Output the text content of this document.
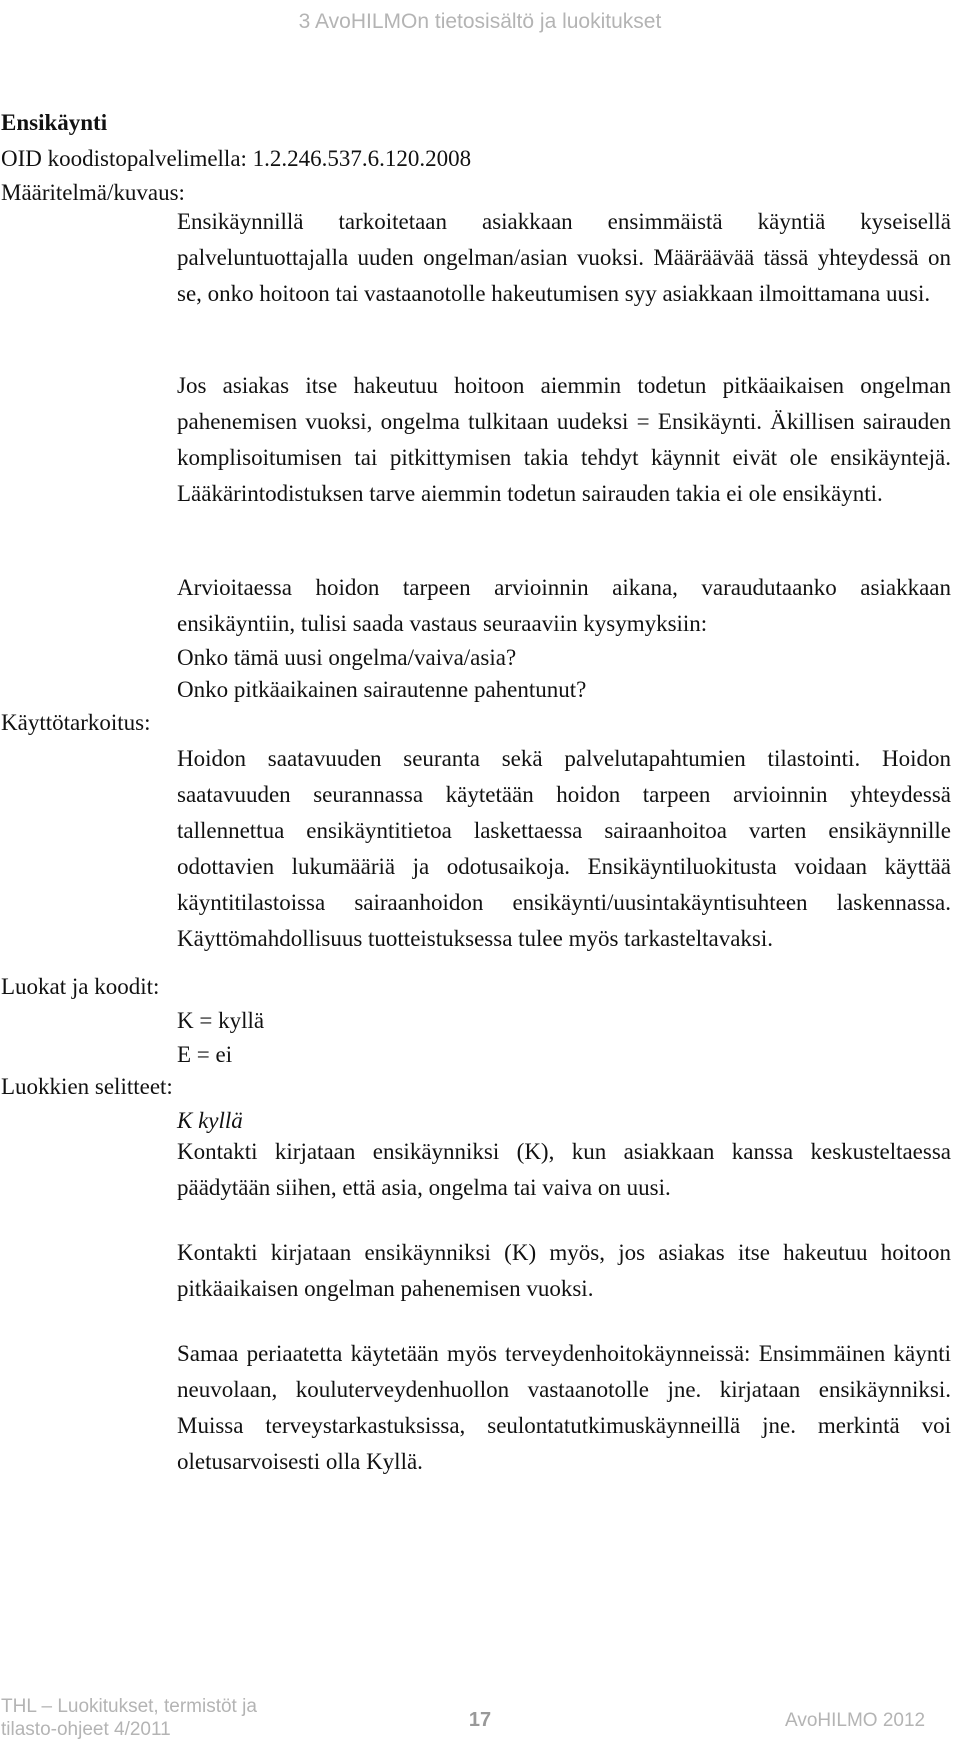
3 AvoHILMOn tietosisältö ja luokitukset
Ensikäynti
OID koodistopalvelimella: 1.2.246.537.6.120.2008
Määritelmä/kuvaus:
Ensikäynnillä tarkoitetaan asiakkaan ensimmäistä käyntiä kyseisellä palveluntuottajalla uuden ongelman/asian vuoksi. Määräävää tässä yhteydessä on se, onko hoitoon tai vastaanotolle hakeutumisen syy asiakkaan ilmoittamana uusi.
Jos asiakas itse hakeutuu hoitoon aiemmin todetun pitkäaikaisen ongelman pahenemisen vuoksi, ongelma tulkitaan uudeksi = Ensikäynti. Äkillisen sairauden komplisoitumisen tai pitkittymisen takia tehdyt käynnit eivät ole ensikäyntejä. Lääkärintodistuksen tarve aiemmin todetun sairauden takia ei ole ensikäynti.
Arvioitaessa hoidon tarpeen arvioinnin aikana, varaudutaanko asiakkaan ensikäyntiin, tulisi saada vastaus seuraaviin kysymyksiin:
Onko tämä uusi ongelma/vaiva/asia?
Onko pitkäaikainen sairautenne pahentunut?
Käyttötarkoitus:
Hoidon saatavuuden seuranta sekä palvelutapahtumien tilastointi. Hoidon saatavuuden seurannassa käytetään hoidon tarpeen arvioinnin yhteydessä tallennettua ensikäyntitietoa laskettaessa sairaanhoitoa varten ensikäynnille odottavien lukumääriä ja odotusaikoja. Ensikäyntiluokitusta voidaan käyttää käyntitilastoissa sairaanhoidon ensikäynti/uusintakäyntisuhteen laskennassa. Käyttömahdollisuus tuotteistuksessa tulee myös tarkasteltavaksi.
Luokat ja koodit:
K = kyllä
E = ei
Luokkien selitteet:
K kyllä
Kontakti kirjataan ensikäynniksi (K), kun asiakkaan kanssa keskusteltaessa päädytään siihen, että asia, ongelma tai vaiva on uusi.
Kontakti kirjataan ensikäynniksi (K) myös, jos asiakas itse hakeutuu hoitoon pitkäaikaisen ongelman pahenemisen vuoksi.
Samaa periaatetta käytetään myös terveydenhoitokäynneissä: Ensimmäinen käynti neuvolaan, kouluterveydenhuollon vastaanotolle jne. kirjataan ensikäynniksi. Muissa terveystarkastuksissa, seulontatutkimuskäynneillä jne. merkintä voi oletusarvoisesti olla Kyllä.
THL – Luokitukset, termistöt ja
tilasto-ohjeet 4/2011	17	AvoHILMO 2012
